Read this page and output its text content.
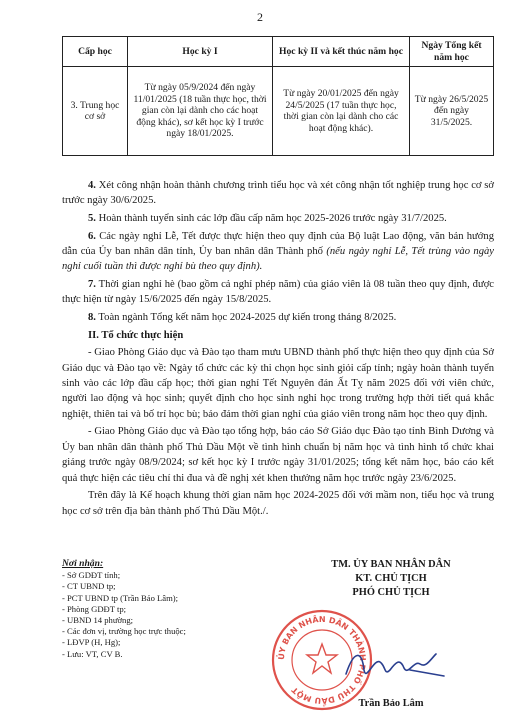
2
Cấp học	Học kỳ I	Học kỳ II và kết thúc năm học	Ngày Tổng kết năm học
3. Trung học cơ sở	Từ ngày 05/9/2024 đến ngày 11/01/2025 (18 tuần thực học, thời gian còn lại dành cho các hoạt động khác), sơ kết học kỳ I trước ngày 18/01/2025.	Từ ngày 20/01/2025 đến ngày 24/5/2025 (17 tuần thực học, thời gian còn lại dành cho các hoạt động khác).	Từ ngày 26/5/2025 đến ngày 31/5/2025.

4. Xét công nhận hoàn thành chương trình tiểu học và xét công nhận tốt nghiệp trung học cơ sở trước ngày 30/6/2025.

5. Hoàn thành tuyển sinh các lớp đầu cấp năm học 2025-2026 trước ngày 31/7/2025.

6. Các ngày nghỉ Lễ, Tết được thực hiện theo quy định của Bộ luật Lao động, văn bản hướng dẫn của Ủy ban nhân dân tỉnh, Ủy ban nhân dân Thành phố (nếu ngày nghỉ Lễ, Tết trùng vào ngày nghỉ cuối tuần thì được nghỉ bù theo quy định).

7. Thời gian nghỉ hè (bao gồm cả nghỉ phép năm) của giáo viên là 08 tuần theo quy định, được thực hiện từ ngày 15/6/2025 đến ngày 15/8/2025.

8. Toàn ngành Tổng kết năm học 2024-2025 dự kiến trong tháng 8/2025.

II. Tổ chức thực hiện

- Giao Phòng Giáo dục và Đào tạo tham mưu UBND thành phố thực hiện theo quy định của Sở Giáo dục và Đào tạo về: Ngày tổ chức các kỳ thi chọn học sinh giỏi cấp tỉnh; ngày hoàn thành tuyển sinh vào các lớp đầu cấp học; thời gian nghỉ Tết Nguyên đán Ất Tỵ năm 2025 đối với viên chức, người lao động và học sinh; quyết định cho học sinh nghỉ học trong trường hợp thời tiết quá khắc nghiệt, thiên tai và bố trí học bù; bảo đảm thời gian nghỉ của giáo viên trong năm học theo quy định.

- Giao Phòng Giáo dục và Đào tạo tổng hợp, báo cáo Sở Giáo dục Đào tạo tỉnh Bình Dương và Ủy ban nhân dân thành phố Thủ Dầu Một về tình hình chuẩn bị năm học và tình hình tổ chức khai giảng trước ngày 08/9/2024; sơ kết học kỳ I trước ngày 31/01/2025; tổng kết năm học, báo cáo kết quả thực hiện các tiêu chí thi đua và đề nghị xét khen thưởng năm học trước ngày 23/6/2025.

Trên đây là Kế hoạch khung thời gian năm học 2024-2025 đối với mầm non, tiểu học và trung học cơ sở trên địa bàn thành phố Thủ Dầu Một./.

Nơi nhận:
- Sở GDĐT tỉnh;
- CT UBND tp;
- PCT UBND tp (Trần Bảo Lâm);
- Phòng GDĐT tp;
- UBND 14 phường;
- Các đơn vị, trường học trực thuộc;
- LĐVP (H, Hg);
- Lưu: VT, CV B.
TM. ỦY BAN NHÂN DÂN
KT. CHỦ TỊCH
PHÓ CHỦ TỊCH
ỦY BAN NHÂN DÂN THÀNH PHỐ THỦ DẦU MỘT
Trần Bảo Lâm
